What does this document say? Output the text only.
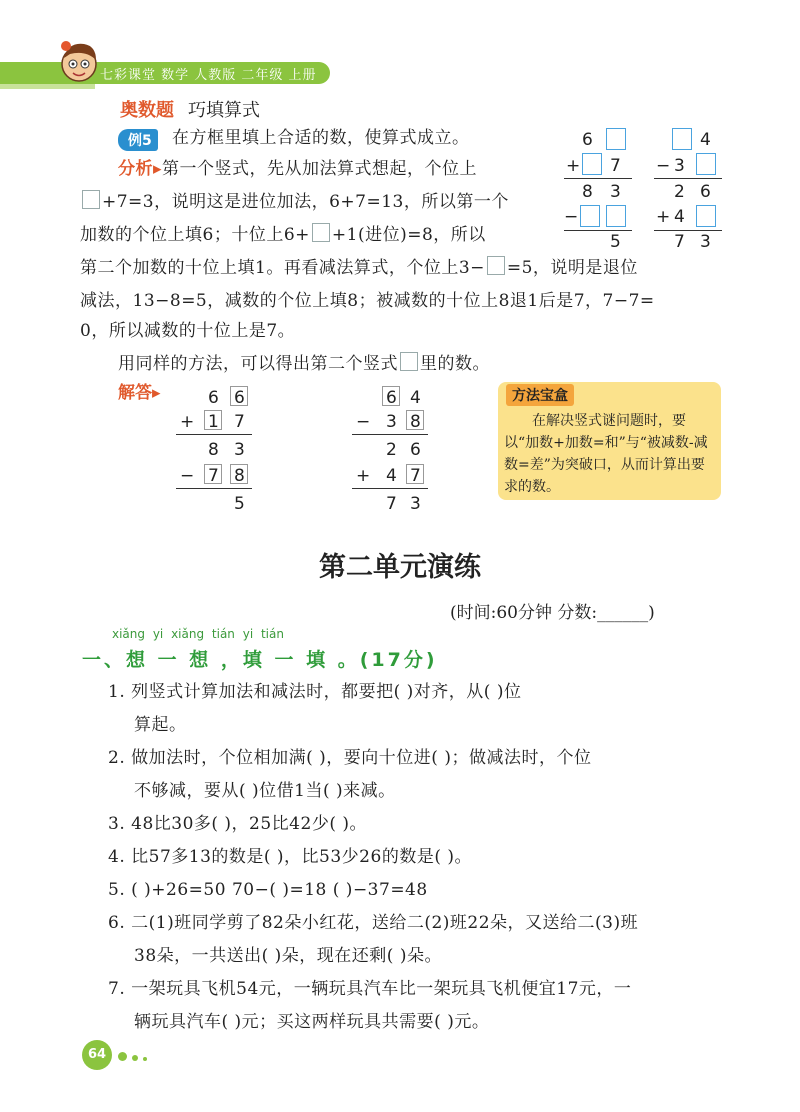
七彩课堂 数学 人教版 二年级 上册
奥数题 巧填算式
例5	在方框里填上合适的数，使算式成立。
分析▸第一个竖式，先从加法算式想起，个位上
+7=3，说明这是进位加法，6+7=13，所以第一个
加数的个位上填6；十位上6+ +1(进位)=8，所以
第二个加数的十位上填1。再看减法算式，个位上3− =5，说明是退位
减法，13−8=5，减数的个位上填8；被减数的十位上8退1后是7，7−7=
0，所以减数的十位上是7。
用同样的方法，可以得出第二个竖式 里的数。
6
+ 7
8 3
−
5
4
− 3
2 6
+ 4
7 3
解答▸	6 6
+ 1 7
8 3
− 7 8
5
6 4
− 3 8
2 6
+ 4 7
7 3
方法宝盒
在解决竖式谜问题时，要以“加数+加数=和”与“被减数-减数=差”为突破口，从而计算出要求的数。
第二单元演练
(时间:60分钟 分数:______)
xiǎng yi xiǎng tián yi tián
一、想 一 想 ，填 一 填 。(17分)
1. 列竖式计算加法和减法时，都要把( )对齐，从( )位
算起。
2. 做加法时，个位相加满( )，要向十位进( )；做减法时，个位
不够减，要从( )位借1当( )来减。
3. 48比30多( )，25比42少( )。
4. 比57多13的数是( )，比53少26的数是( )。
5. ( )+26=50 70−( )=18 ( )−37=48
6. 二(1)班同学剪了82朵小红花，送给二(2)班22朵，又送给二(3)班
38朵，一共送出( )朵，现在还剩( )朵。
7. 一架玩具飞机54元，一辆玩具汽车比一架玩具飞机便宜17元，一
辆玩具汽车( )元；买这两样玩具共需要( )元。
64
